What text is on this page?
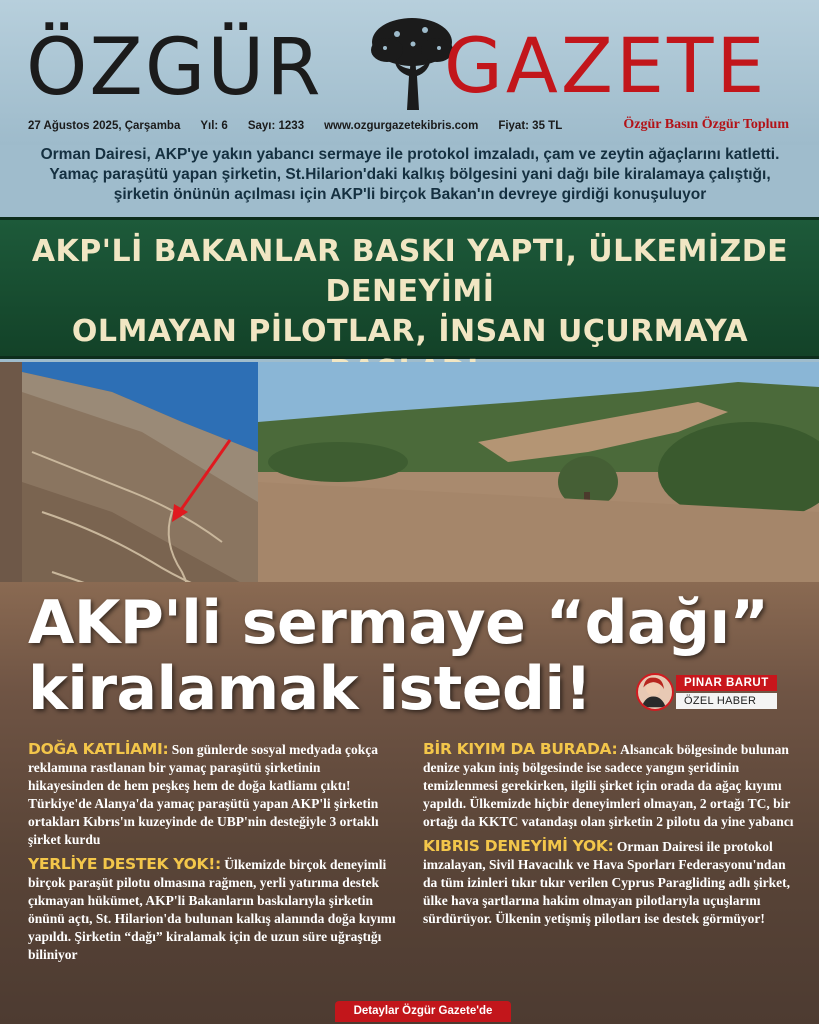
ÖZGÜR GAZETE
27 Ağustos 2025, Çarşamba Yıl: 6 Sayı: 1233 www.ozgurgazetekibris.com Fiyat: 35 TL	Özgür Basın Özgür Toplum
Orman Dairesi, AKP'ye yakın yabancı sermaye ile protokol imzaladı, çam ve zeytin ağaçlarını katletti. Yamaç paraşütü yapan şirketin, St.Hilarion'daki kalkış bölgesini yani dağı bile kiralamaya çalıştığı, şirketin önünün açılması için AKP'li birçok Bakan'ın devreye girdiği konuşuluyor
AKP'Lİ BAKANLAR BASKI YAPTI, ÜLKEMİZDE DENEYİMİ
OLMAYAN PİLOTLAR, İNSAN UÇURMAYA
AKP'li sermaye “dağı”
kiralamak istedi!	PINAR BARUT
ÖZEL HABER

DOĞA KATLİAMI: Son günlerde sosyal medyada çokça reklamına rastlanan bir yamaç paraşütü şirketinin hikayesinden de hem peşkeş hem de doğa katliamı çıktı! Türkiye'de Alanya'da yamaç paraşütü yapan AKP'li şirketin ortakları Kıbrıs'ın kuzeyinde de UBP'nin desteğiyle 3 ortaklı şirket kurdu

YERLİYE DESTEK YOK!: Ülkemizde birçok deneyimli birçok paraşüt pilotu olmasına rağmen, yerli yatırıma destek çıkmayan hükümet, AKP'li Bakanların baskılarıyla şirketin önünü açtı, St. Hilarion'da bulunan kalkış alanında doğa kıyımı yapıldı. Şirketin “dağı” kiralamak için de uzun süre uğraştığı biliniyor

BİR KIYIM DA BURADA: Alsancak bölgesinde bulunan denize yakın iniş bölgesinde ise sadece yangın şeridinin temizlenmesi gerekirken, ilgili şirket için orada da ağaç kıyımı yapıldı. Ülkemizde hiçbir deneyimleri olmayan, 2 ortağı TC, bir ortağı da KKTC vatandaşı olan şirketin 2 pilotu da yine yabancı

KIBRIS DENEYİMİ YOK: Orman Dairesi ile protokol imzalayan, Sivil Havacılık ve Hava Sporları Federasyonu'ndan da tüm izinleri tıkır tıkır verilen Cyprus Paragliding adlı şirket, ülke hava şartlarına hakim olmayan pilotlarıyla uçuşlarını sürdürüyor. Ülkenin yetişmiş pilotları ise destek görmüyor!

Detaylar Özgür Gazete'de
